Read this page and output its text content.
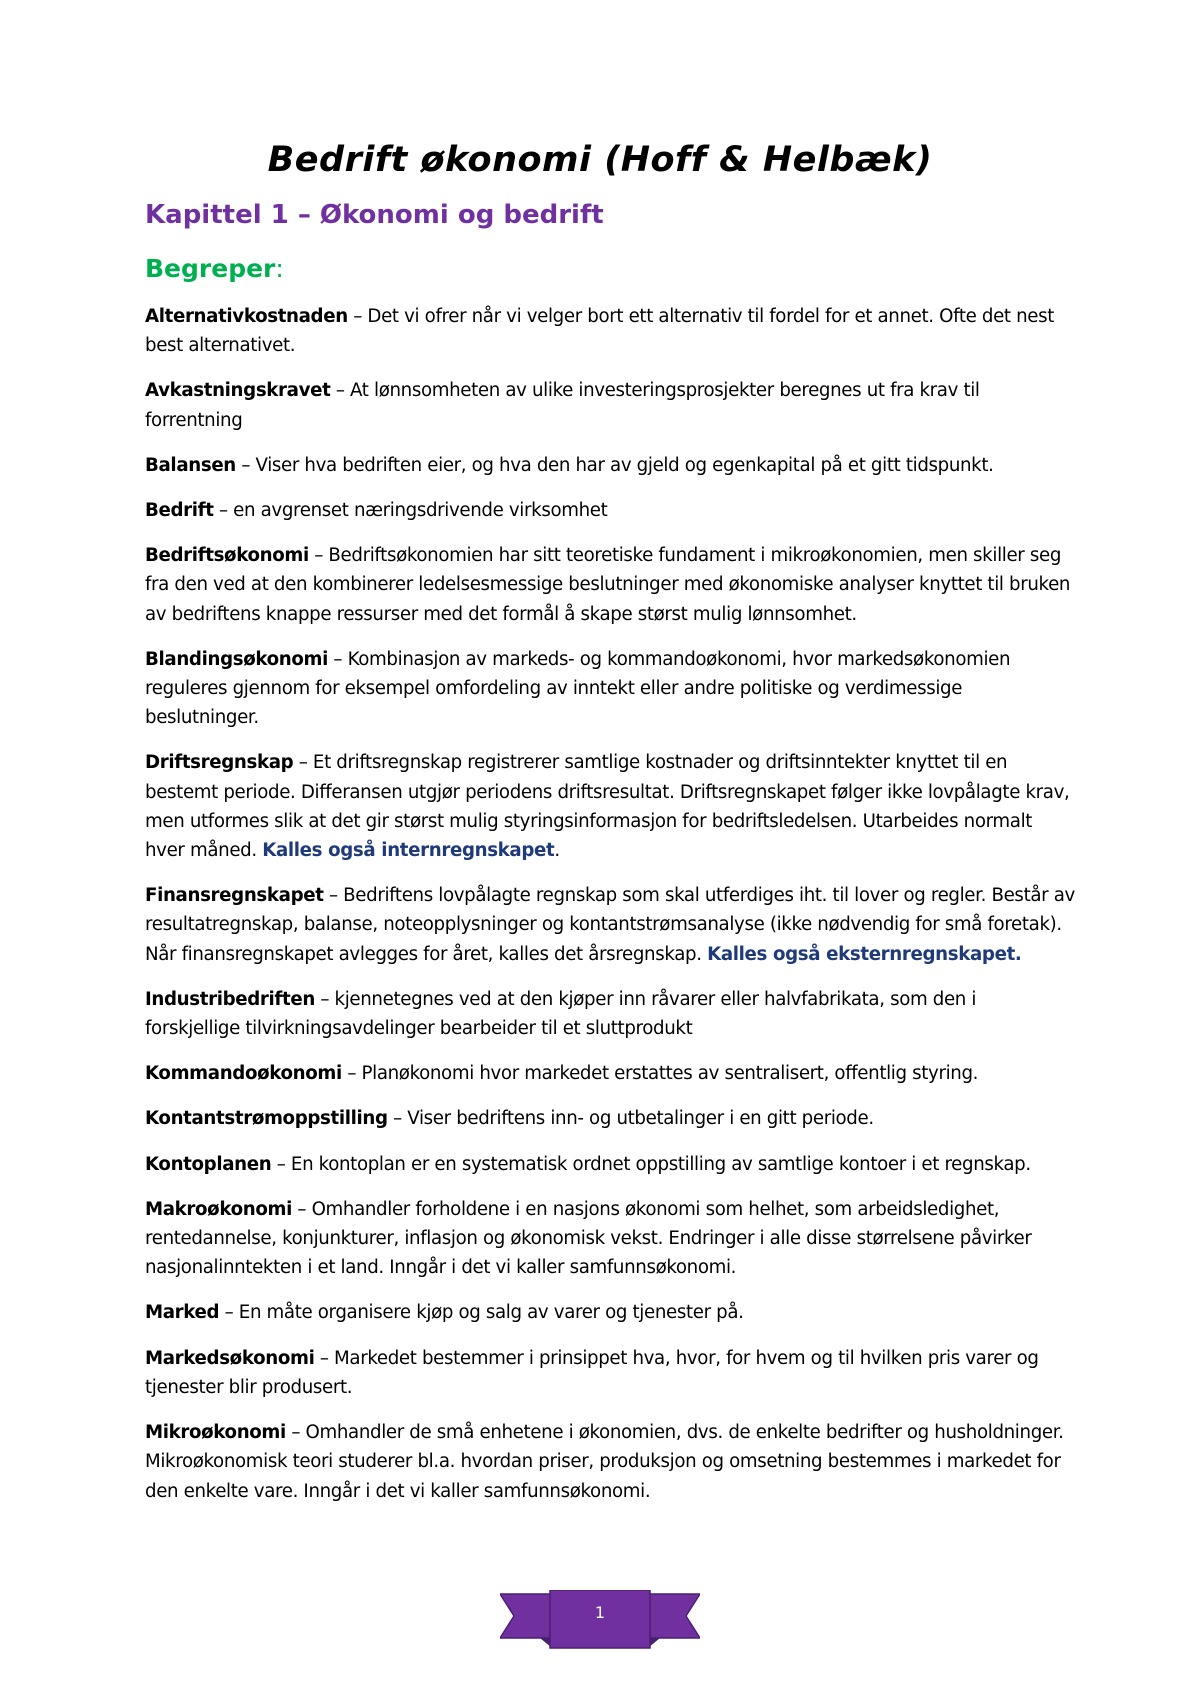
Bedrift økonomi (Hoff & Helbæk)
Kapittel 1 – Økonomi og bedrift
Begreper:
Alternativkostnaden – Det vi ofrer når vi velger bort ett alternativ til fordel for et annet. Ofte det nest best alternativet.
Avkastningskravet – At lønnsomheten av ulike investeringsprosjekter beregnes ut fra krav til forrentning
Balansen – Viser hva bedriften eier, og hva den har av gjeld og egenkapital på et gitt tidspunkt.
Bedrift – en avgrenset næringsdrivende virksomhet
Bedriftsøkonomi – Bedriftsøkonomien har sitt teoretiske fundament i mikroøkonomien, men skiller seg fra den ved at den kombinerer ledelsesmessige beslutninger med økonomiske analyser knyttet til bruken av bedriftens knappe ressurser med det formål å skape størst mulig lønnsomhet.
Blandingsøkonomi – Kombinasjon av markeds- og kommandoøkonomi, hvor markedsøkonomien reguleres gjennom for eksempel omfordeling av inntekt eller andre politiske og verdimessige beslutninger.
Driftsregnskap – Et driftsregnskap registrerer samtlige kostnader og driftsinntekter knyttet til en bestemt periode. Differansen utgjør periodens driftsresultat. Driftsregnskapet følger ikke lovpålagte krav, men utformes slik at det gir størst mulig styringsinformasjon for bedriftsledelsen. Utarbeides normalt hver måned. Kalles også internregnskapet.
Finansregnskapet – Bedriftens lovpålagte regnskap som skal utferdiges iht. til lover og regler. Består av resultatregnskap, balanse, noteopplysninger og kontantstrømsanalyse (ikke nødvendig for små foretak). Når finansregnskapet avlegges for året, kalles det årsregnskap. Kalles også eksternregnskapet.
Industribedriften – kjennetegnes ved at den kjøper inn råvarer eller halvfabrikata, som den i forskjellige tilvirkningsavdelinger bearbeider til et sluttprodukt
Kommandoøkonomi – Planøkonomi hvor markedet erstattes av sentralisert, offentlig styring.
Kontantstrømoppstilling – Viser bedriftens inn- og utbetalinger i en gitt periode.
Kontoplanen – En kontoplan er en systematisk ordnet oppstilling av samtlige kontoer i et regnskap.
Makroøkonomi – Omhandler forholdene i en nasjons økonomi som helhet, som arbeidsledighet, rentedannelse, konjunkturer, inflasjon og økonomisk vekst. Endringer i alle disse størrelsene påvirker nasjonalinntekten i et land. Inngår i det vi kaller samfunnsøkonomi.
Marked – En måte organisere kjøp og salg av varer og tjenester på.
Markedsøkonomi – Markedet bestemmer i prinsippet hva, hvor, for hvem og til hvilken pris varer og tjenester blir produsert.
Mikroøkonomi – Omhandler de små enhetene i økonomien, dvs. de enkelte bedrifter og husholdninger. Mikroøkonomisk teori studerer bl.a. hvordan priser, produksjon og omsetning bestemmes i markedet for den enkelte vare. Inngår i det vi kaller samfunnsøkonomi.
1
